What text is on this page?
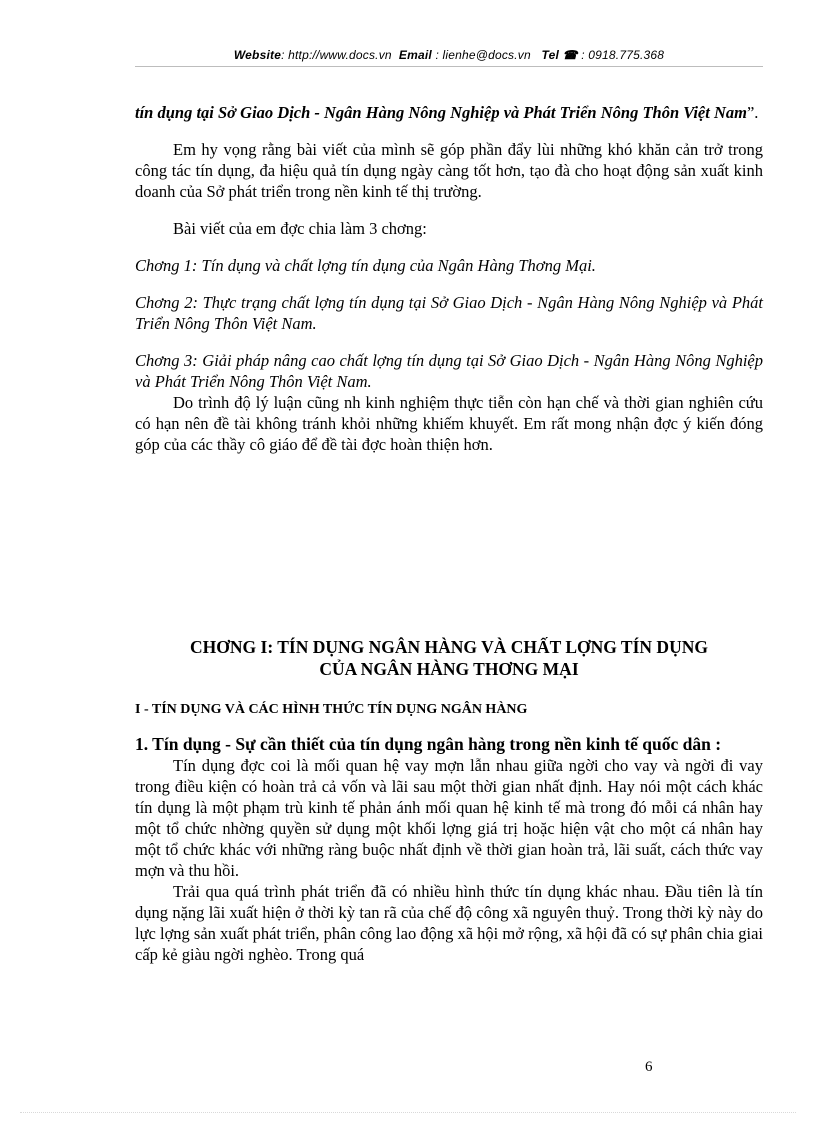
Website: http://www.docs.vn Email : lienhe@docs.vn Tel ☎ : 0918.775.368

tín dụng tại Sở Giao Dịch - Ngân Hàng Nông Nghiệp và Phát Triển Nông Thôn Việt Nam”.

Em hy vọng rằng bài viết của mình sẽ góp phần đẩy lùi những khó khăn cản trở trong công tác tín dụng, đa hiệu quả tín dụng ngày càng tốt hơn, tạo đà cho hoạt động sản xuất kinh doanh của Sở phát triển trong nền kinh tế thị trường.

Bài viết của em đợc chia làm 3 chơng:

Chơng 1: Tín dụng và chất lợng tín dụng của Ngân Hàng Thơng Mại.

Chơng 2: Thực trạng chất lợng tín dụng tại Sở Giao Dịch - Ngân Hàng Nông Nghiệp và Phát Triển Nông Thôn Việt Nam.

Chơng 3: Giải pháp nâng cao chất lợng tín dụng tại Sở Giao Dịch - Ngân Hàng Nông Nghiệp và Phát Triển Nông Thôn Việt Nam.

Do trình độ lý luận cũng nh kinh nghiệm thực tiễn còn hạn chế và thời gian nghiên cứu có hạn nên đề tài không tránh khỏi những khiếm khuyết. Em rất mong nhận đợc ý kiến đóng góp của các thầy cô giáo để đề tài đợc hoàn thiện hơn.

CHƠNG I: TÍN DỤNG NGÂN HÀNG VÀ CHẤT LỢNG TÍN DỤNG
CỦA NGÂN HÀNG THƠNG MẠI

I - TÍN DỤNG VÀ CÁC HÌNH THỨC TÍN DỤNG NGÂN HÀNG

1. Tín dụng - Sự cần thiết của tín dụng ngân hàng trong nền kinh tế quốc dân :

Tín dụng đợc coi là mối quan hệ vay mợn lẫn nhau giữa ngời cho vay và ngời đi vay trong điều kiện có hoàn trả cả vốn và lãi sau một thời gian nhất định. Hay nói một cách khác tín dụng là một phạm trù kinh tế phản ánh mối quan hệ kinh tế mà trong đó mỗi cá nhân hay một tổ chức nhờng quyền sử dụng một khối lợng giá trị hoặc hiện vật cho một cá nhân hay một tổ chức khác với những ràng buộc nhất định về thời gian hoàn trả, lãi suất, cách thức vay mợn và thu hồi.

Trải qua quá trình phát triển đã có nhiều hình thức tín dụng khác nhau. Đầu tiên là tín dụng nặng lãi xuất hiện ở thời kỳ tan rã của chế độ công xã nguyên thuỷ. Trong thời kỳ này do lực lợng sản xuất phát triển, phân công lao động xã hội mở rộng, xã hội đã có sự phân chia giai cấp kẻ giàu ngời nghèo. Trong quá

6
